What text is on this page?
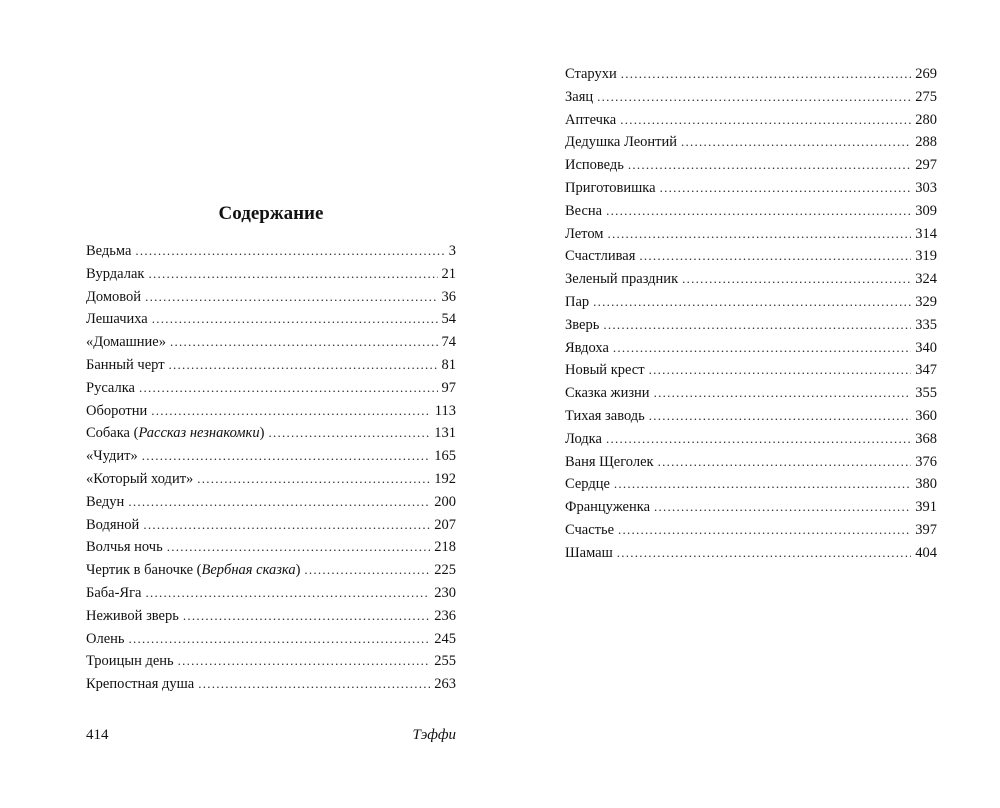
Содержание
Ведьма . . .	3
Вурдалак . . .	21
Домовой . . .	36
Лешачиха . . .	54
«Домашние» . . .	74
Банный черт . . .	81
Русалка . . .	97
Оборотни . . .	113
Собака (Рассказ незнакомки) . . .	131
«Чудит» . . .	165
«Который ходит» . . .	192
Ведун . . .	200
Водяной . . .	207
Волчья ночь . . .	218
Чертик в баночке (Вербная сказка) . . .	225
Баба-Яга . . .	230
Неживой зверь . . .	236
Олень . . .	245
Троицын день . . .	255
Крепостная душа . . .	263
414	Тэффи
Старухи . . .	269
Заяц . . .	275
Аптечка . . .	280
Дедушка Леонтий . . .	288
Исповедь . . .	297
Приготовишка . . .	303
Весна . . .	309
Летом . . .	314
Счастливая . . .	319
Зеленый праздник . . .	324
Пар . . .	329
Зверь . . .	335
Явдоха . . .	340
Новый крест . . .	347
Сказка жизни . . .	355
Тихая заводь . . .	360
Лодка . . .	368
Ваня Щеголек . . .	376
Сердце . . .	380
Француженка . . .	391
Счастье . . .	397
Шамаш . . .	404
